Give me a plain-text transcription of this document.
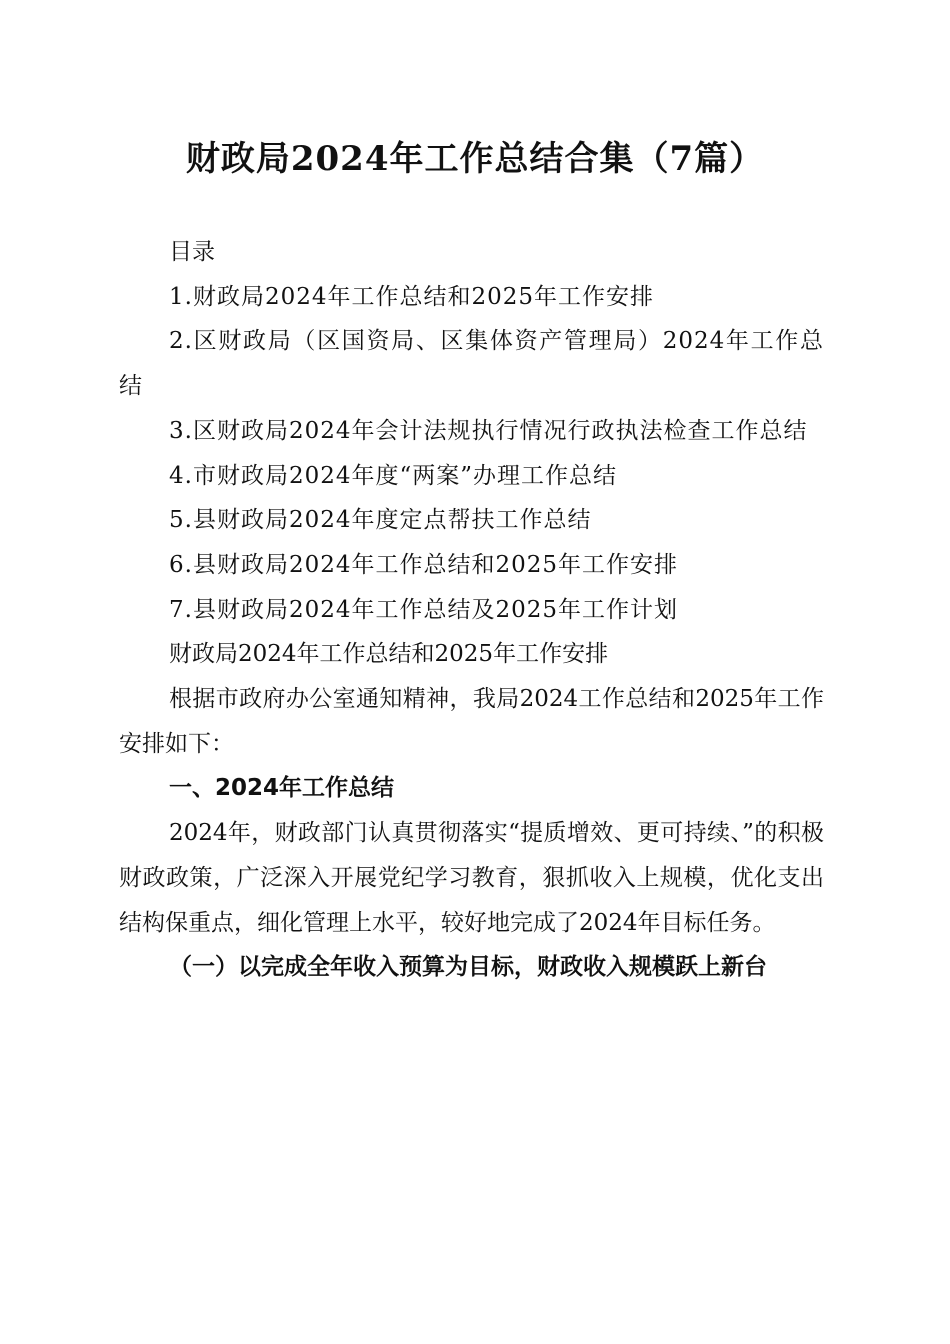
财政局2024年工作总结合集（7篇）

目录

1.财政局2024年工作总结和2025年工作安排

2.区财政局（区国资局、区集体资产管理局）2024年工作总结

3.区财政局2024年会计法规执行情况行政执法检查工作总结

4.市财政局2024年度“两案”办理工作总结

5.县财政局2024年度定点帮扶工作总结

6.县财政局2024年工作总结和2025年工作安排

7.县财政局2024年工作总结及2025年工作计划

财政局2024年工作总结和2025年工作安排

根据市政府办公室通知精神，我局2024工作总结和2025年工作安排如下：

一、2024年工作总结

2024年，财政部门认真贯彻落实“提质增效、更可持续、”的积极财政政策，广泛深入开展党纪学习教育，狠抓收入上规模，优化支出结构保重点，细化管理上水平，较好地完成了2024年目标任务。

（一）以完成全年收入预算为目标，财政收入规模跃上新台
